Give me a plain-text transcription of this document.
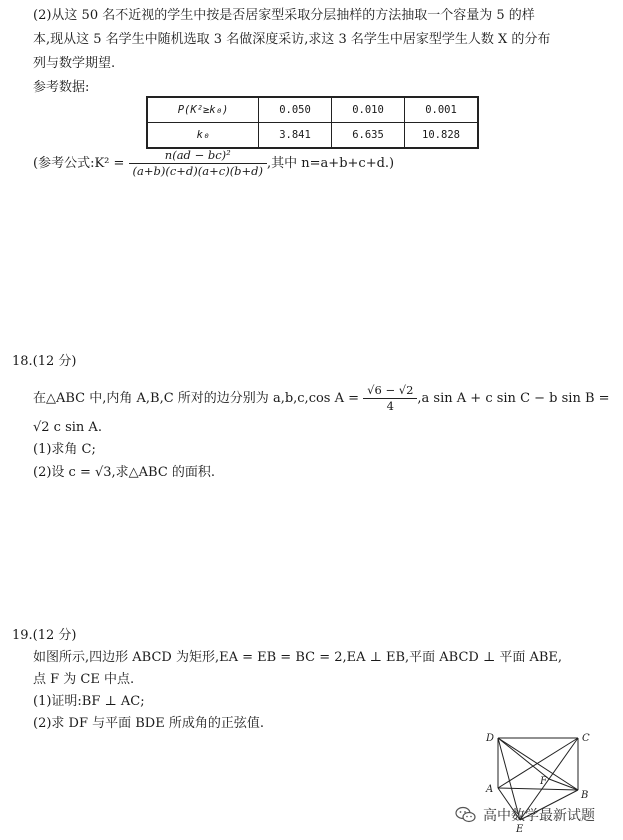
(2)从这 50 名不近视的学生中按是否居家型采取分层抽样的方法抽取一个容量为 5 的样
本,现从这 5 名学生中随机选取 3 名做深度采访,求这 3 名学生中居家型学生人数 X 的分布
列与数学期望.
参考数据:
P(K²≥k₀)	0.050	0.010	0.001
k₀	3.841	6.635	10.828
(参考公式:K² = $\frac{\text{n(ad − bc)²}}{(a+b)(c+d)(a+c)(b+d)}$ ,其中 n=a+b+c+d.)
18.(12 分)
在△ABC 中,内角 A,B,C 所对的边分别为 a,b,c,cos $A = \frac{√6 - √2}{4} ,a$ sin A + c sin C − b sin B =
√2 c sin A.
(1)求角 C;
(2)设 c = √3,求△ABC 的面积.
19.(12 分)
如图所示,四边形 ABCD 为矩形,EA = EB = BC = 2,EA ⊥ EB,平面 ABCD ⊥ 平面 ABE,
点 F 为 CE 中点.
(1)证明:BF ⊥ AC;
(2)求 DF 与平面 BDE 所成角的正弦值.
D	C
A
B
F
E
高中数学最新试题
